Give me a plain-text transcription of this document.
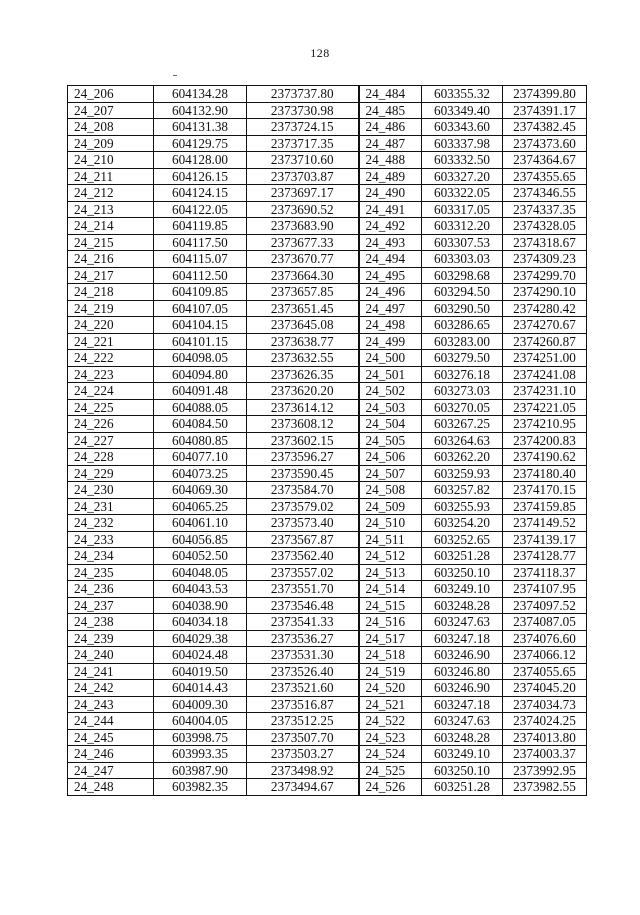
128
24_206	604134.28	2373737.80	24_484	603355.32	2374399.80
24_207	604132.90	2373730.98	24_485	603349.40	2374391.17
24_208	604131.38	2373724.15	24_486	603343.60	2374382.45
24_209	604129.75	2373717.35	24_487	603337.98	2374373.60
24_210	604128.00	2373710.60	24_488	603332.50	2374364.67
24_211	604126.15	2373703.87	24_489	603327.20	2374355.65
24_212	604124.15	2373697.17	24_490	603322.05	2374346.55
24_213	604122.05	2373690.52	24_491	603317.05	2374337.35
24_214	604119.85	2373683.90	24_492	603312.20	2374328.05
24_215	604117.50	2373677.33	24_493	603307.53	2374318.67
24_216	604115.07	2373670.77	24_494	603303.03	2374309.23
24_217	604112.50	2373664.30	24_495	603298.68	2374299.70
24_218	604109.85	2373657.85	24_496	603294.50	2374290.10
24_219	604107.05	2373651.45	24_497	603290.50	2374280.42
24_220	604104.15	2373645.08	24_498	603286.65	2374270.67
24_221	604101.15	2373638.77	24_499	603283.00	2374260.87
24_222	604098.05	2373632.55	24_500	603279.50	2374251.00
24_223	604094.80	2373626.35	24_501	603276.18	2374241.08
24_224	604091.48	2373620.20	24_502	603273.03	2374231.10
24_225	604088.05	2373614.12	24_503	603270.05	2374221.05
24_226	604084.50	2373608.12	24_504	603267.25	2374210.95
24_227	604080.85	2373602.15	24_505	603264.63	2374200.83
24_228	604077.10	2373596.27	24_506	603262.20	2374190.62
24_229	604073.25	2373590.45	24_507	603259.93	2374180.40
24_230	604069.30	2373584.70	24_508	603257.82	2374170.15
24_231	604065.25	2373579.02	24_509	603255.93	2374159.85
24_232	604061.10	2373573.40	24_510	603254.20	2374149.52
24_233	604056.85	2373567.87	24_511	603252.65	2374139.17
24_234	604052.50	2373562.40	24_512	603251.28	2374128.77
24_235	604048.05	2373557.02	24_513	603250.10	2374118.37
24_236	604043.53	2373551.70	24_514	603249.10	2374107.95
24_237	604038.90	2373546.48	24_515	603248.28	2374097.52
24_238	604034.18	2373541.33	24_516	603247.63	2374087.05
24_239	604029.38	2373536.27	24_517	603247.18	2374076.60
24_240	604024.48	2373531.30	24_518	603246.90	2374066.12
24_241	604019.50	2373526.40	24_519	603246.80	2374055.65
24_242	604014.43	2373521.60	24_520	603246.90	2374045.20
24_243	604009.30	2373516.87	24_521	603247.18	2374034.73
24_244	604004.05	2373512.25	24_522	603247.63	2374024.25
24_245	603998.75	2373507.70	24_523	603248.28	2374013.80
24_246	603993.35	2373503.27	24_524	603249.10	2374003.37
24_247	603987.90	2373498.92	24_525	603250.10	2373992.95
24_248	603982.35	2373494.67	24_526	603251.28	2373982.55
